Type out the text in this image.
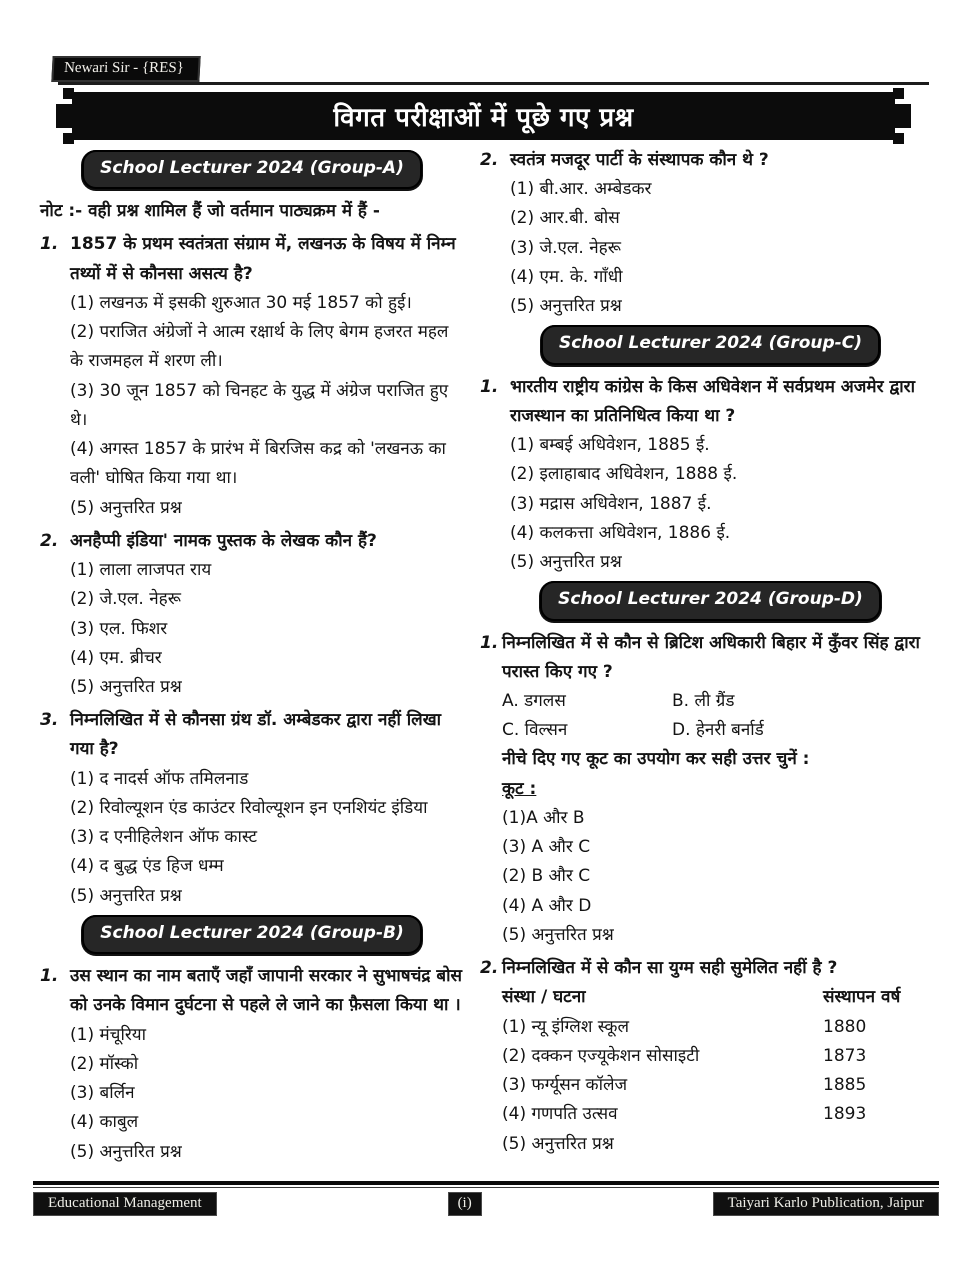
Newari Sir - {RES}
विगत परीक्षाओं में पूछे गए प्रश्न
School Lecturer 2024 (Group-A)
नोट :- वही प्रश्न शामिल हैं जो वर्तमान पाठ्यक्रम में हैं -
1. 1857 के प्रथम स्वतंत्रता संग्राम में, लखनऊ के विषय में निम्न तथ्यों में से कौनसा असत्य है?
(1) लखनऊ में इसकी शुरुआत 30 मई 1857 को हुई।
(2) पराजित अंग्रेजों ने आत्म रक्षार्थ के लिए बेगम हजरत महल के राजमहल में शरण ली।
(3) 30 जून 1857 को चिनहट के युद्ध में अंग्रेज पराजित हुए थे।
(4) अगस्त 1857 के प्रारंभ में बिरजिस कद्र को 'लखनऊ का वली' घोषित किया गया था।
(5) अनुत्तरित प्रश्न
2. अनहैप्पी इंडिया' नामक पुस्तक के लेखक कौन हैं?
(1) लाला लाजपत राय
(2) जे.एल. नेहरू
(3) एल. फिशर
(4) एम. ब्रीचर
(5) अनुत्तरित प्रश्न
3. निम्नलिखित में से कौनसा ग्रंथ डॉ. अम्बेडकर द्वारा नहीं लिखा गया है?
(1) द नादर्स ऑफ तमिलनाड
(2) रिवोल्यूशन एंड काउंटर रिवोल्यूशन इन एनशियंट इंडिया
(3) द एनीहिलेशन ऑफ कास्ट
(4) द बुद्ध एंड हिज धम्म
(5) अनुत्तरित प्रश्न
School Lecturer 2024 (Group-B)
1. उस स्थान का नाम बताएँ जहाँ जापानी सरकार ने सुभाषचंद्र बोस को उनके विमान दुर्घटना से पहले ले जाने का फ़ैसला किया था ।
(1) मंचूरिया
(2) मॉस्को
(3) बर्लिन
(4) काबुल
(5) अनुत्तरित प्रश्न
2. स्वतंत्र मजदूर पार्टी के संस्थापक कौन थे ?
(1) बी.आर. अम्बेडकर
(2) आर.बी. बोस
(3) जे.एल. नेहरू
(4) एम. के. गाँधी
(5) अनुत्तरित प्रश्न
School Lecturer 2024 (Group-C)
1. भारतीय राष्ट्रीय कांग्रेस के किस अधिवेशन में सर्वप्रथम अजमेर द्वारा राजस्थान का प्रतिनिधित्व किया था ?
(1) बम्बई अधिवेशन, 1885 ई.
(2) इलाहाबाद अधिवेशन, 1888 ई.
(3) मद्रास अधिवेशन, 1887 ई.
(4) कलकत्ता अधिवेशन, 1886 ई.
(5) अनुत्तरित प्रश्न
School Lecturer 2024 (Group-D)
1. निम्नलिखित में से कौन से ब्रिटिश अधिकारी बिहार में कुँवर सिंह द्वारा परास्त किए गए ?
A. डगलस	B. ली ग्रैंड
C. विल्सन	D. हेनरी बर्नार्ड
नीचे दिए गए कूट का उपयोग कर सही उत्तर चुनें :
कूट :
(1)A और B
(3) A और C
(2) B और C
(4) A और D
(5) अनुत्तरित प्रश्न
2. निम्नलिखित में से कौन सा युग्म सही सुमेलित नहीं है ?
संस्था / घटना	संस्थापन वर्ष
(1) न्यू इंग्लिश स्कूल	1880
(2) दक्कन एज्यूकेशन सोसाइटी	1873
(3) फर्ग्यूसन कॉलेज	1885
(4) गणपति उत्सव	1893
(5) अनुत्तरित प्रश्न
Educational Management	(i)	Taiyari Karlo Publication, Jaipur
